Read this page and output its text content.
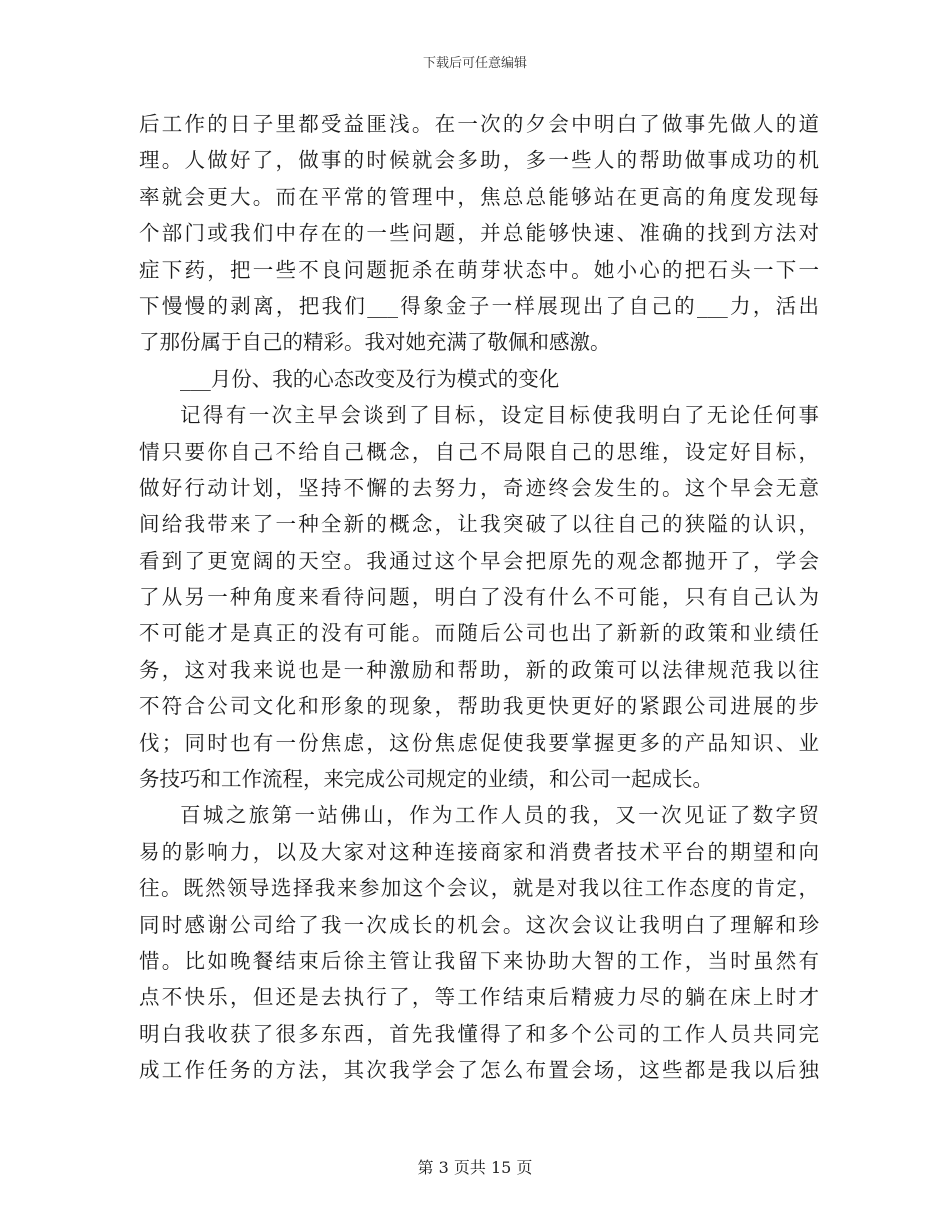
下载后可任意编辑
后工作的日子里都受益匪浅。在一次的夕会中明白了做事先做人的道
理。人做好了，做事的时候就会多助，多一些人的帮助做事成功的机
率就会更大。而在平常的管理中，焦总总能够站在更高的角度发现每
个部门或我们中存在的一些问题，并总能够快速、准确的找到方法对
症下药，把一些不良问题扼杀在萌芽状态中。她小心的把石头一下一
下慢慢的剥离，把我们___得象金子一样展现出了自己的___力，活出
了那份属于自己的精彩。我对她充满了敬佩和感激。
___月份、我的心态改变及行为模式的变化
记得有一次主早会谈到了目标，设定目标使我明白了无论任何事
情只要你自己不给自己概念，自己不局限自己的思维，设定好目标，
做好行动计划，坚持不懈的去努力，奇迹终会发生的。这个早会无意
间给我带来了一种全新的概念，让我突破了以往自己的狭隘的认识，
看到了更宽阔的天空。我通过这个早会把原先的观念都抛开了，学会
了从另一种角度来看待问题，明白了没有什么不可能，只有自己认为
不可能才是真正的没有可能。而随后公司也出了新新的政策和业绩任
务，这对我来说也是一种激励和帮助，新的政策可以法律规范我以往
不符合公司文化和形象的现象，帮助我更快更好的紧跟公司进展的步
伐；同时也有一份焦虑，这份焦虑促使我要掌握更多的产品知识、业
务技巧和工作流程，来完成公司规定的业绩，和公司一起成长。
百城之旅第一站佛山，作为工作人员的我，又一次见证了数字贸
易的影响力，以及大家对这种连接商家和消费者技术平台的期望和向
往。既然领导选择我来参加这个会议，就是对我以往工作态度的肯定，
同时感谢公司给了我一次成长的机会。这次会议让我明白了理解和珍
惜。比如晚餐结束后徐主管让我留下来协助大智的工作，当时虽然有
点不快乐，但还是去执行了，等工作结束后精疲力尽的躺在床上时才
明白我收获了很多东西，首先我懂得了和多个公司的工作人员共同完
成工作任务的方法，其次我学会了怎么布置会场，这些都是我以后独
第 3 页共 15 页
